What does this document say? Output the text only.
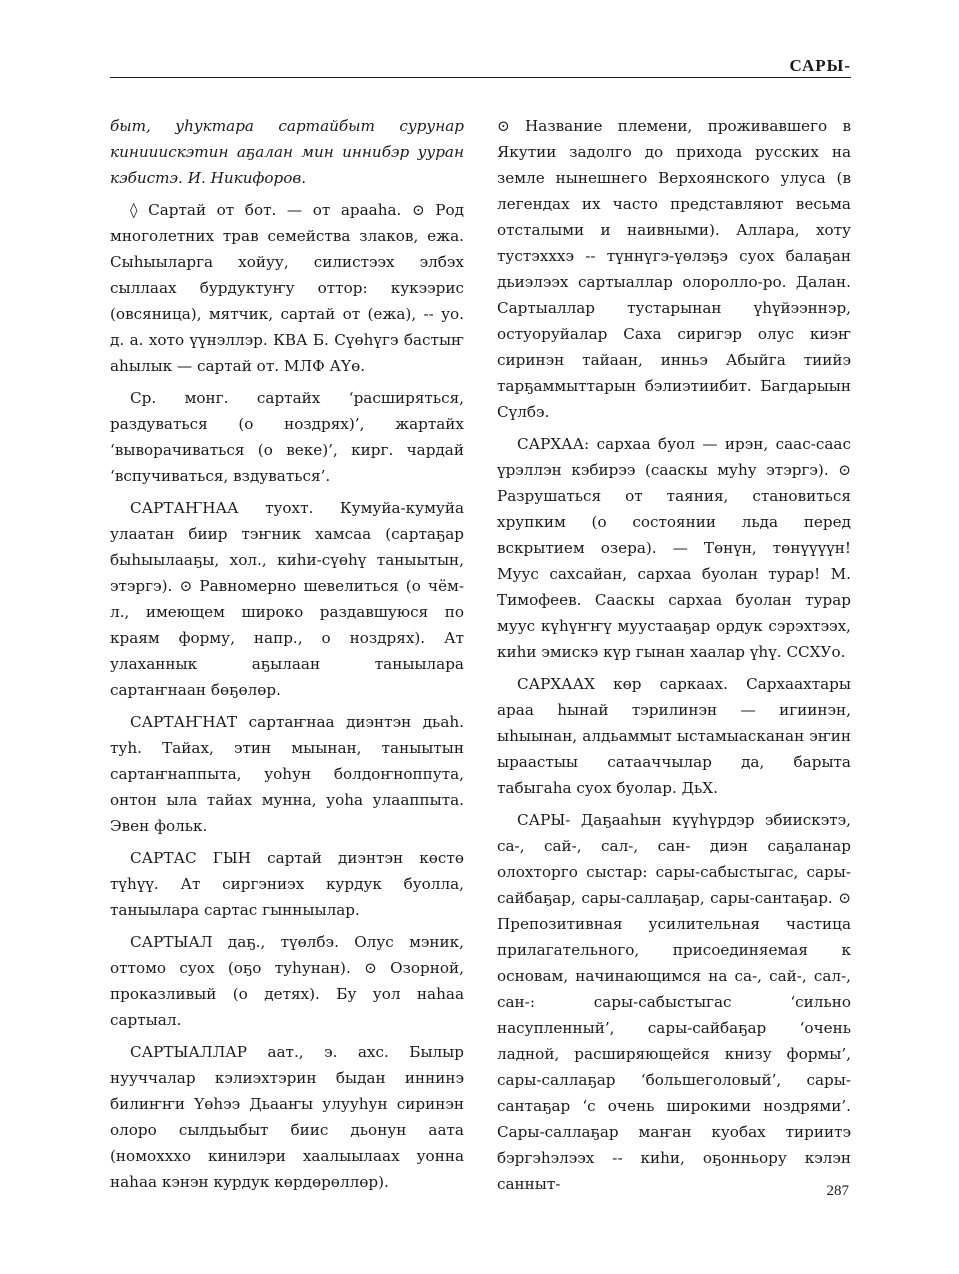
САРЫ-

быт, уһуктара сартайбыт сурунар кинииискэтин аҕалан мин иннибэр ууран кэбистэ. И. Никифоров.

◊ Сартай от бот. — от арааһа. ⊙ Род многолетних трав семейства злаков, ежа. Сыһыыларга хойуу, силистээх элбэх сыллаах бурдуктуҥу оттор: кукээрис (овсяница), мятчик, сартай от (ежа), -- уо. д. а. хото үүнэллэр. КВА Б. Сүөһүгэ бастыҥ аһылык — сартай от. МЛФ АҮө.

Ср. монг. сартайх ‘расширяться, раздуваться (о ноздрях)’, жартайх ‘выворачиваться (о веке)’, кирг. чардай ‘вспучиваться, вздуваться’.

САРТАҤНАА туохт. Кумуйа-кумуйа улаатан биир тэҥник хамсаа (сартаҕар быһыылааҕы, хол., киһи-сүөһү таныытын, этэргэ). ⊙ Равномерно шевелиться (о чём-л., имеющем широко раздавшуюся по краям форму, напр., о ноздрях). Ат улаханнык аҕылаан таныылара сартаҥнаан бөҕөлөр.

САРТАҤНАТ сартаҥнаа диэнтэн дьаһ. туһ. Тайах, этин мыынан, таныытын сартаҥнаппыта, уоһун болдоҥноппута, онтон ыла тайах мунна, уоһа улааппыта. Эвен фольк.

САРТАС ГЫН сартай диэнтэн көстө түһүү. Ат сиргэниэх курдук буолла, таныылара сартас гынныылар.

САРТЫАЛ даҕ., түөлбэ. Олус мэник, оттомо суох (оҕо туһунан). ⊙ Озорной, проказливый (о детях). Бу уол наһаа сартыал.

САРТЫАЛЛАР аат., э. ахс. Былыр нууччалар кэлиэхтэрин быдан иннинэ билиҥҥи Үөһээ Дьааҥы улууһун сиринэн олоро сылдьыбыт биис дьонун аата (номохххо кинилэри хаалыылаах уонна наһаа кэнэн курдук көрдөрөллөр).

⊙ Название племени, проживавшего в Якутии задолго до прихода русских на земле нынешнего Верхоянского улуса (в легендах их часто представляют весьма отсталыми и наивными). Аллара, хоту тустэхххэ -- түннүгэ-үөлэҕэ суох балаҕан дьиэлээх сартыаллар олоролло-ро. Далан. Сартыаллар тустарынан үһүйээннэр, остуоруйалар Саха сиригэр олус киэҥ сиринэн тайаан, инньэ Абыйга тиийэ тарҕаммыттарын бэлиэтиибит. Багдарыын Сүлбэ.

САРХАА: сархаа буол — ирэн, саас-саас үрэллэн кэбирээ (сааскы муһу этэргэ). ⊙ Разрушаться от таяния, становиться хрупким (о состоянии льда перед вскрытием озера). — Төнүн, төнүүүүн! Муус сахсайан, сархаа буолан турар! М. Тимофеев. Сааскы сархаа буолан турар муус күһүҥҥү муустааҕар ордук сэрэхтээх, киһи эмискэ күр гынан хаалар үһү. ССХУо.

САРХААХ көр саркаах. Сархаахтары араа һынай тэрилинэн — игиинэн, ыһыынан, алдьаммыт ыстамыасканан эҥин ыраастыы сатааччылар да, барыта табыгаһа суох буолар. ДьХ.

САРЫ- Даҕааһын күүһүрдэр эбиискэтэ, са-, сай-, сал-, сан- диэн саҕаланар олохторго сыстар: сары-сабыстыгас, сары-сайбаҕар, сары-саллаҕар, сары-сантаҕар. ⊙ Препозитивная усилительная частица прилагательного, присоединяемая к основам, начинающимся на са-, сай-, сал-, сан-: сары-сабыстыгас ‘сильно насупленный’, сары-сайбаҕар ‘очень ладной, расширяющейся книзу формы’, сары-саллаҕар ‘большеголовый’, сары-сантаҕар ‘с очень широкими ноздрями’. Сары-саллаҕар маҥан куобах тириитэ бэргэһэлээх -- киһи, оҕонньору кэлэн санныт-	287
